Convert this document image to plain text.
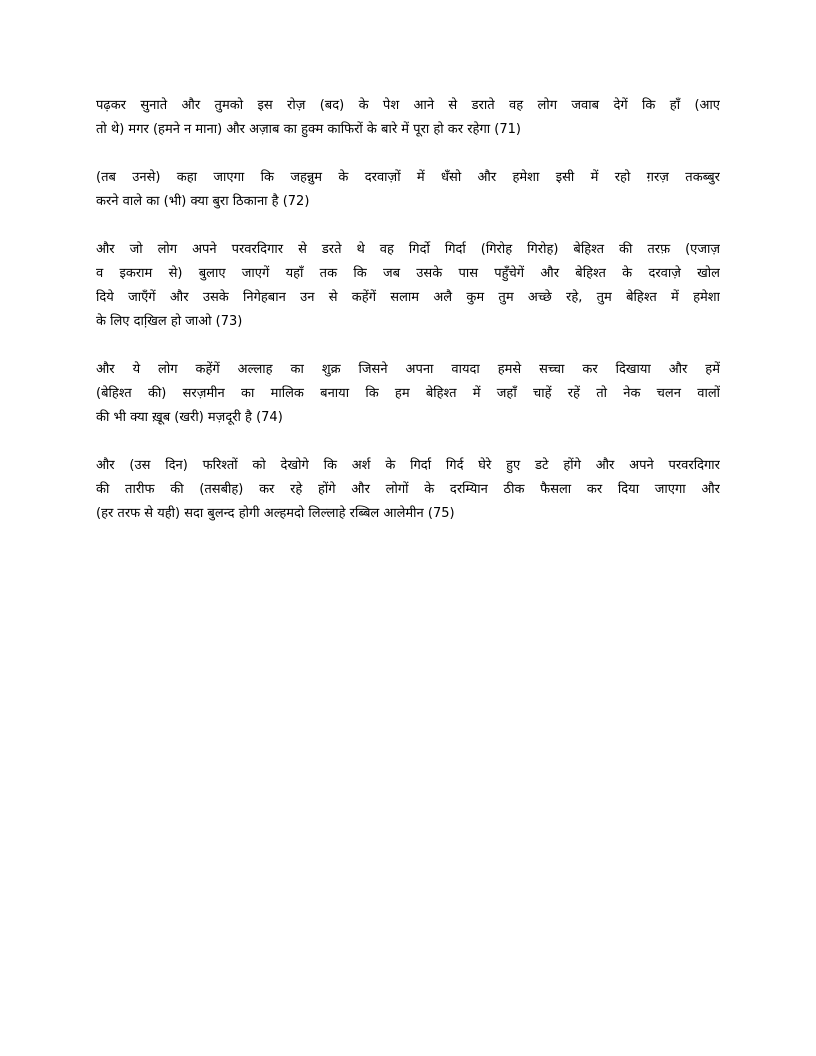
पढ़कर सुनाते और तुमको इस रोज़ (बद) के पेश आने से डराते वह लोग जवाब देगें कि हाँ (आए
तो थे) मगर (हमने न माना) और अज़ाब का हुक्म काफिरों के बारे में पूरा हो कर रहेगा (71)
(तब उनसे) कहा जाएगा कि जहन्नुम के दरवाज़ों में धँसो और हमेशा इसी में रहो ग़रज़ तकब्बुर
करने वाले का (भी) क्या बुरा ठिकाना है (72)
और जो लोग अपने परवरदिगार से डरते थे वह गिर्दो गिर्दा (गिरोह गिरोह) बेहिश्त की तरफ़ (एजाज़
व इकराम से) बुलाए जाएगें यहाँ तक कि जब उसके पास पहुँचेगें और बेहिश्त के दरवाजे़ खोल
दिये जाएँगें और उसके निगेहबान उन से कहेंगें सलाम अलै कुम तुम अच्छे रहे, तुम बेहिश्त में हमेशा
के लिए दाखि़ल हो जाओ (73)
और ये लोग कहेंगें अल्लाह का शुक्र जिसने अपना वायदा हमसे सच्चा कर दिखाया और हमें
(बेहिश्त की) सरज़मीन का मालिक बनाया कि हम बेहिश्त में जहाँ चाहें रहें तो नेक चलन वालों
की भी क्या ख़ूब (खरी) मज़दूरी है (74)
और (उस दिन) फरिश्तों को देखोगे कि अर्श के गिर्दा गिर्द घेरे हुए डटे होंगे और अपने परवरदिगार
की तारीफ की (तसबीह) कर रहे होंगे और लोगों के दरम्यिान ठीक फैसला कर दिया जाएगा और
(हर तरफ से यही) सदा बुलन्द होगी अल्हमदो लिल्लाहे रब्बिल आलेमीन (75)
